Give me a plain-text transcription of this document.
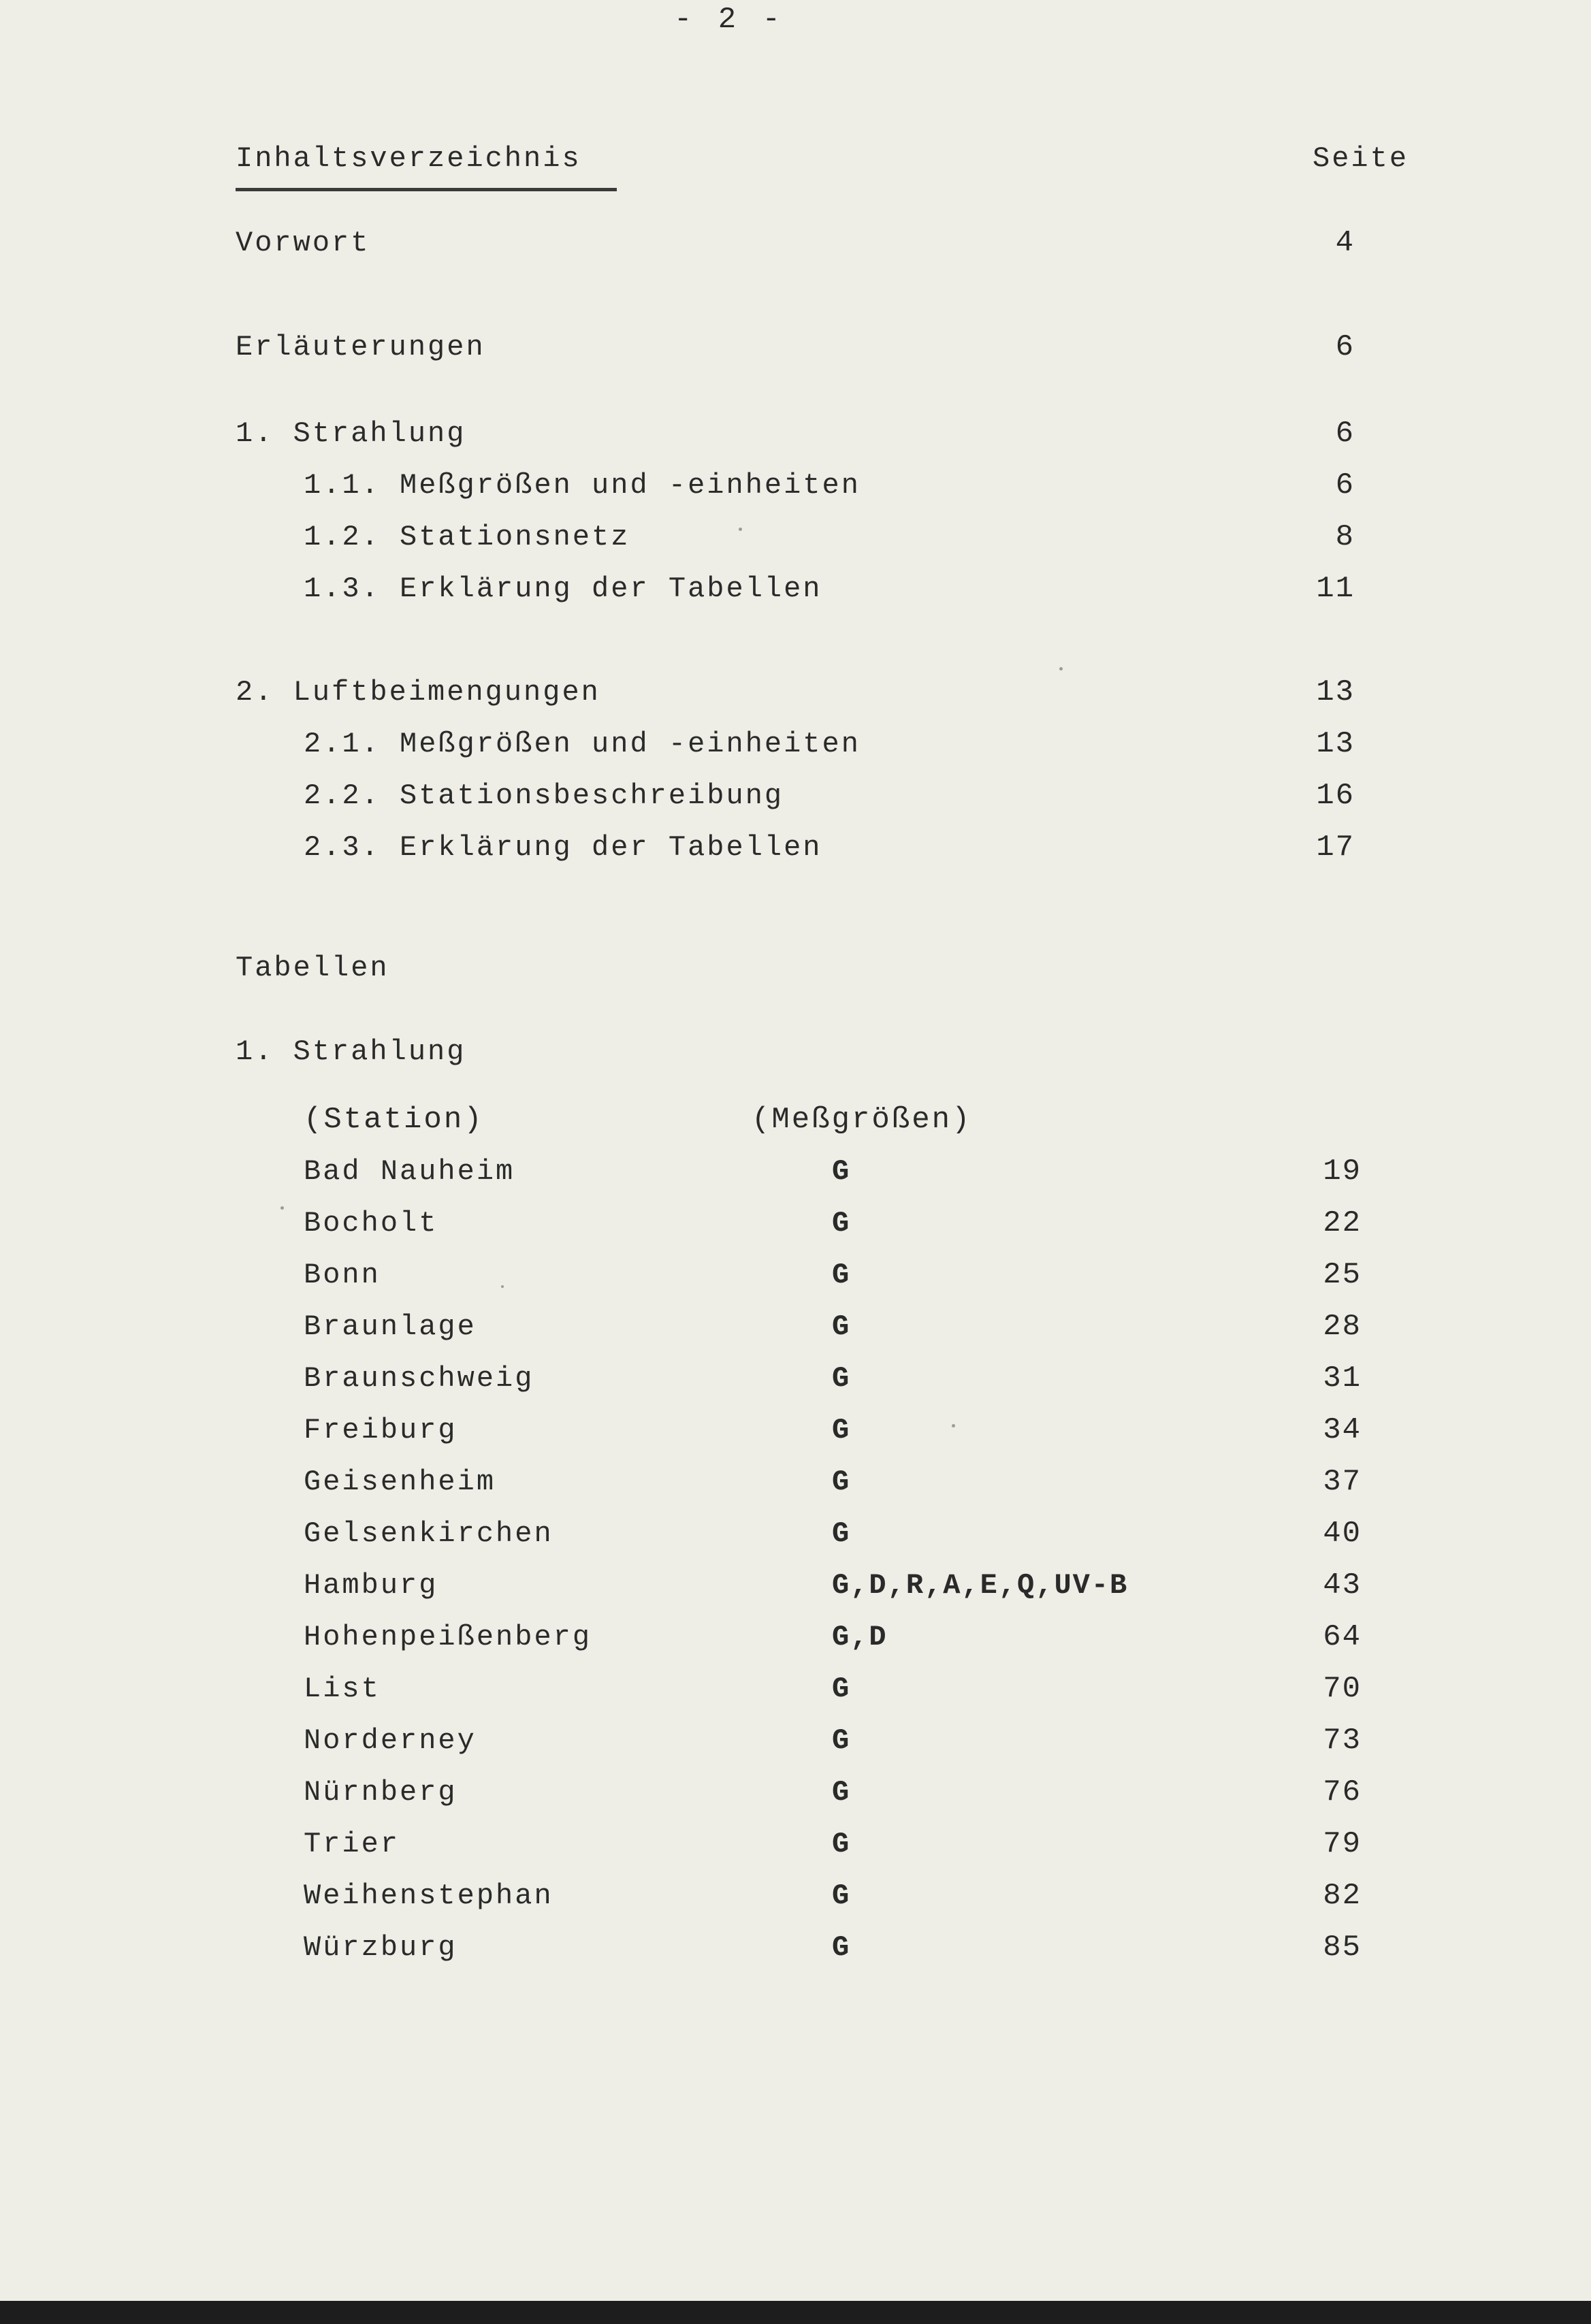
- 2 -
Inhaltsverzeichnis	Seite
Vorwort	4
Erläuterungen	6
1. Strahlung	6
1.1. Meßgrößen und -einheiten	6
1.2. Stationsnetz	8
1.3. Erklärung der Tabellen	11
2. Luftbeimengungen	13
2.1. Meßgrößen und -einheiten	13
2.2. Stationsbeschreibung	16
2.3. Erklärung der Tabellen	17
Tabellen
1. Strahlung
(Station)	(Meßgrößen)
Bad Nauheim	G	19
Bocholt	G	22
Bonn	G	25
Braunlage	G	28
Braunschweig	G	31
Freiburg	G	34
Geisenheim	G	37
Gelsenkirchen	G	40
Hamburg	G,D,R,A,E,Q,UV-B	43
Hohenpeißenberg	G,D	64
List	G	70
Norderney	G	73
Nürnberg	G	76
Trier	G	79
Weihenstephan	G	82
Würzburg	G	85
